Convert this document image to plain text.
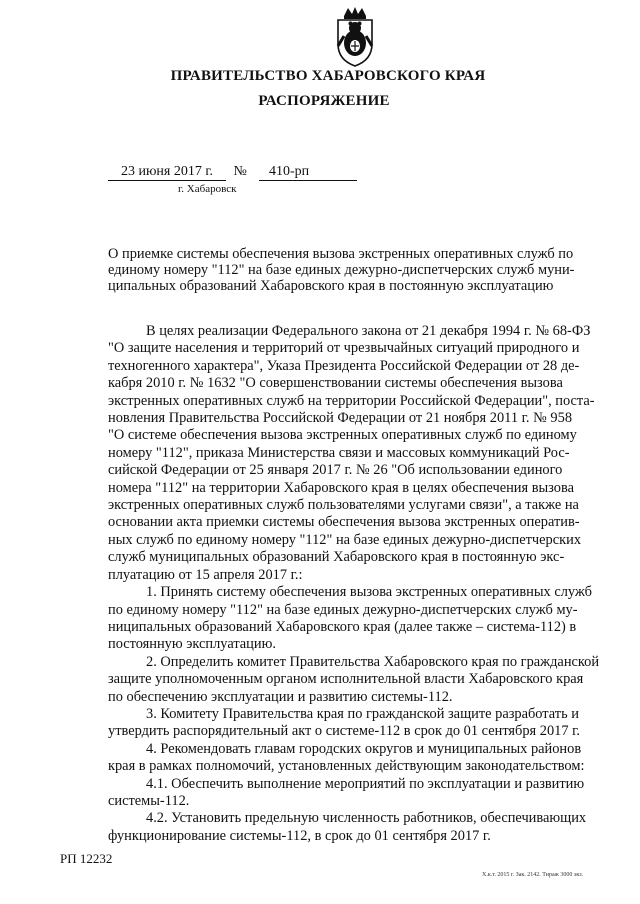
ПРАВИТЕЛЬСТВО ХАБАРОВСКОГО КРАЯ
РАСПОРЯЖЕНИЕ
23 июня 2017 г. № 410-рп
г. Хабаровск
О приемке системы обеспечения вызова экстренных оперативных служб по
единому номеру "112" на базе единых дежурно-диспетчерских служб муни-
ципальных образований Хабаровского края в постоянную эксплуатацию
В целях реализации Федерального закона от 21 декабря 1994 г. № 68-ФЗ
"О защите населения и территорий от чрезвычайных ситуаций природного и
техногенного характера", Указа Президента Российской Федерации от 28 де-
кабря 2010 г. № 1632 "О совершенствовании системы обеспечения вызова
экстренных оперативных служб на территории Российской Федерации", поста-
новления Правительства Российской Федерации от 21 ноября 2011 г. № 958
"О системе обеспечения вызова экстренных оперативных служб по единому
номеру "112", приказа Министерства связи и массовых коммуникаций Рос-
сийской Федерации от 25 января 2017 г. № 26 "Об использовании единого
номера "112" на территории Хабаровского края в целях обеспечения вызова
экстренных оперативных служб пользователями услугами связи", а также на
основании акта приемки системы обеспечения вызова экстренных оператив-
ных служб по единому номеру "112" на базе единых дежурно-диспетчерских
служб муниципальных образований Хабаровского края в постоянную экс-
плуатацию от 15 апреля 2017 г.:
1. Принять систему обеспечения вызова экстренных оперативных служб
по единому номеру "112" на базе единых дежурно-диспетчерских служб му-
ниципальных образований Хабаровского края (далее также – система-112) в
постоянную эксплуатацию.
2. Определить комитет Правительства Хабаровского края по гражданской
защите уполномоченным органом исполнительной власти Хабаровского края
по обеспечению эксплуатации и развитию системы-112.
3. Комитету Правительства края по гражданской защите разработать и
утвердить распорядительный акт о системе-112 в срок до 01 сентября 2017 г.
4. Рекомендовать главам городских округов и муниципальных районов
края в рамках полномочий, установленных действующим законодательством:
4.1. Обеспечить выполнение мероприятий по эксплуатации и развитию
системы-112.
4.2. Установить предельную численность работников, обеспечивающих
функционирование системы-112, в срок до 01 сентября 2017 г.
РП 12232
Х.к.т. 2015 г. Зак. 2142. Тираж 3000 экз.
